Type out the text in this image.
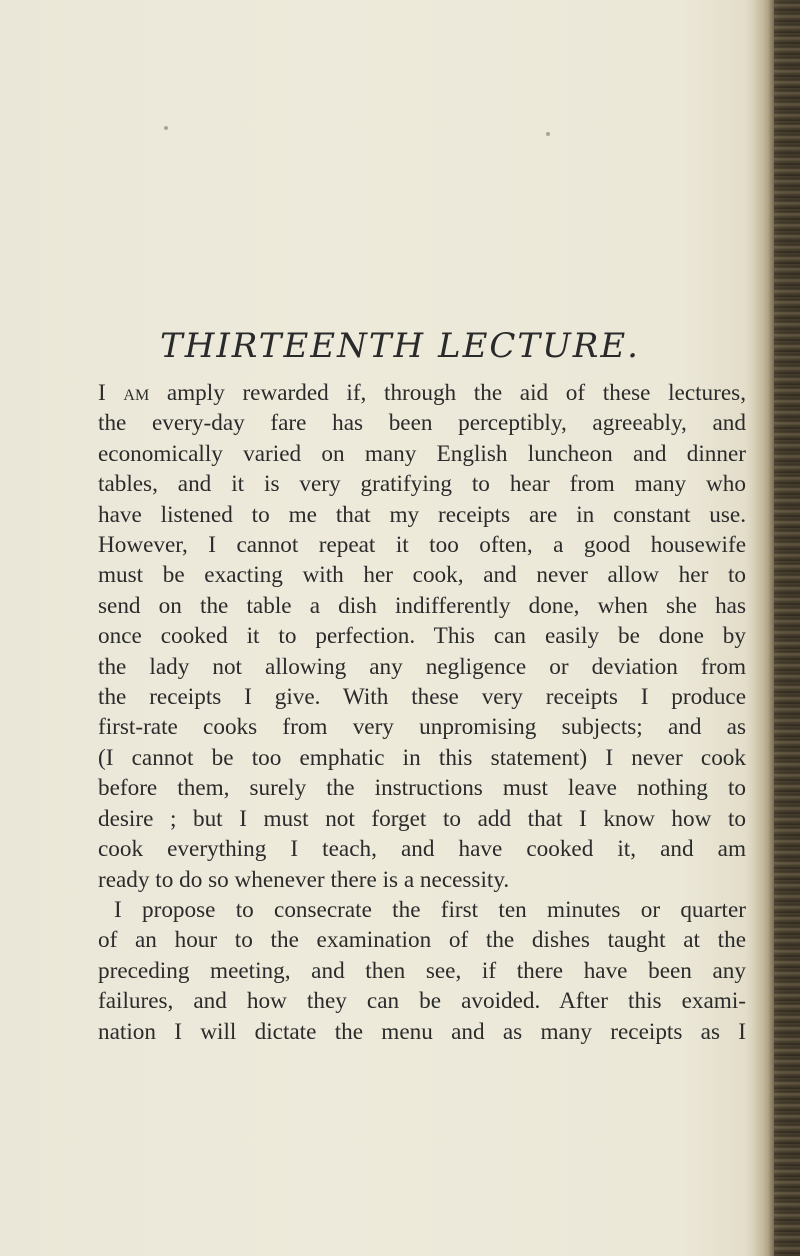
THIRTEENTH LECTURE.
I am amply rewarded if, through the aid of these lectures,
the every-day fare has been perceptibly, agreeably, and
economically varied on many English luncheon and dinner
tables, and it is very gratifying to hear from many who
have listened to me that my receipts are in constant use.
However, I cannot repeat it too often, a good housewife
must be exacting with her cook, and never allow her to
send on the table a dish indifferently done, when she has
once cooked it to perfection. This can easily be done by
the lady not allowing any negligence or deviation from
the receipts I give. With these very receipts I produce
first-rate cooks from very unpromising subjects; and as
(I cannot be too emphatic in this statement) I never cook
before them, surely the instructions must leave nothing to
desire ; but I must not forget to add that I know how to
cook everything I teach, and have cooked it, and am
ready to do so whenever there is a necessity.
I propose to consecrate the first ten minutes or quarter
of an hour to the examination of the dishes taught at the
preceding meeting, and then see, if there have been any
failures, and how they can be avoided. After this exami-
nation I will dictate the menu and as many receipts as I
